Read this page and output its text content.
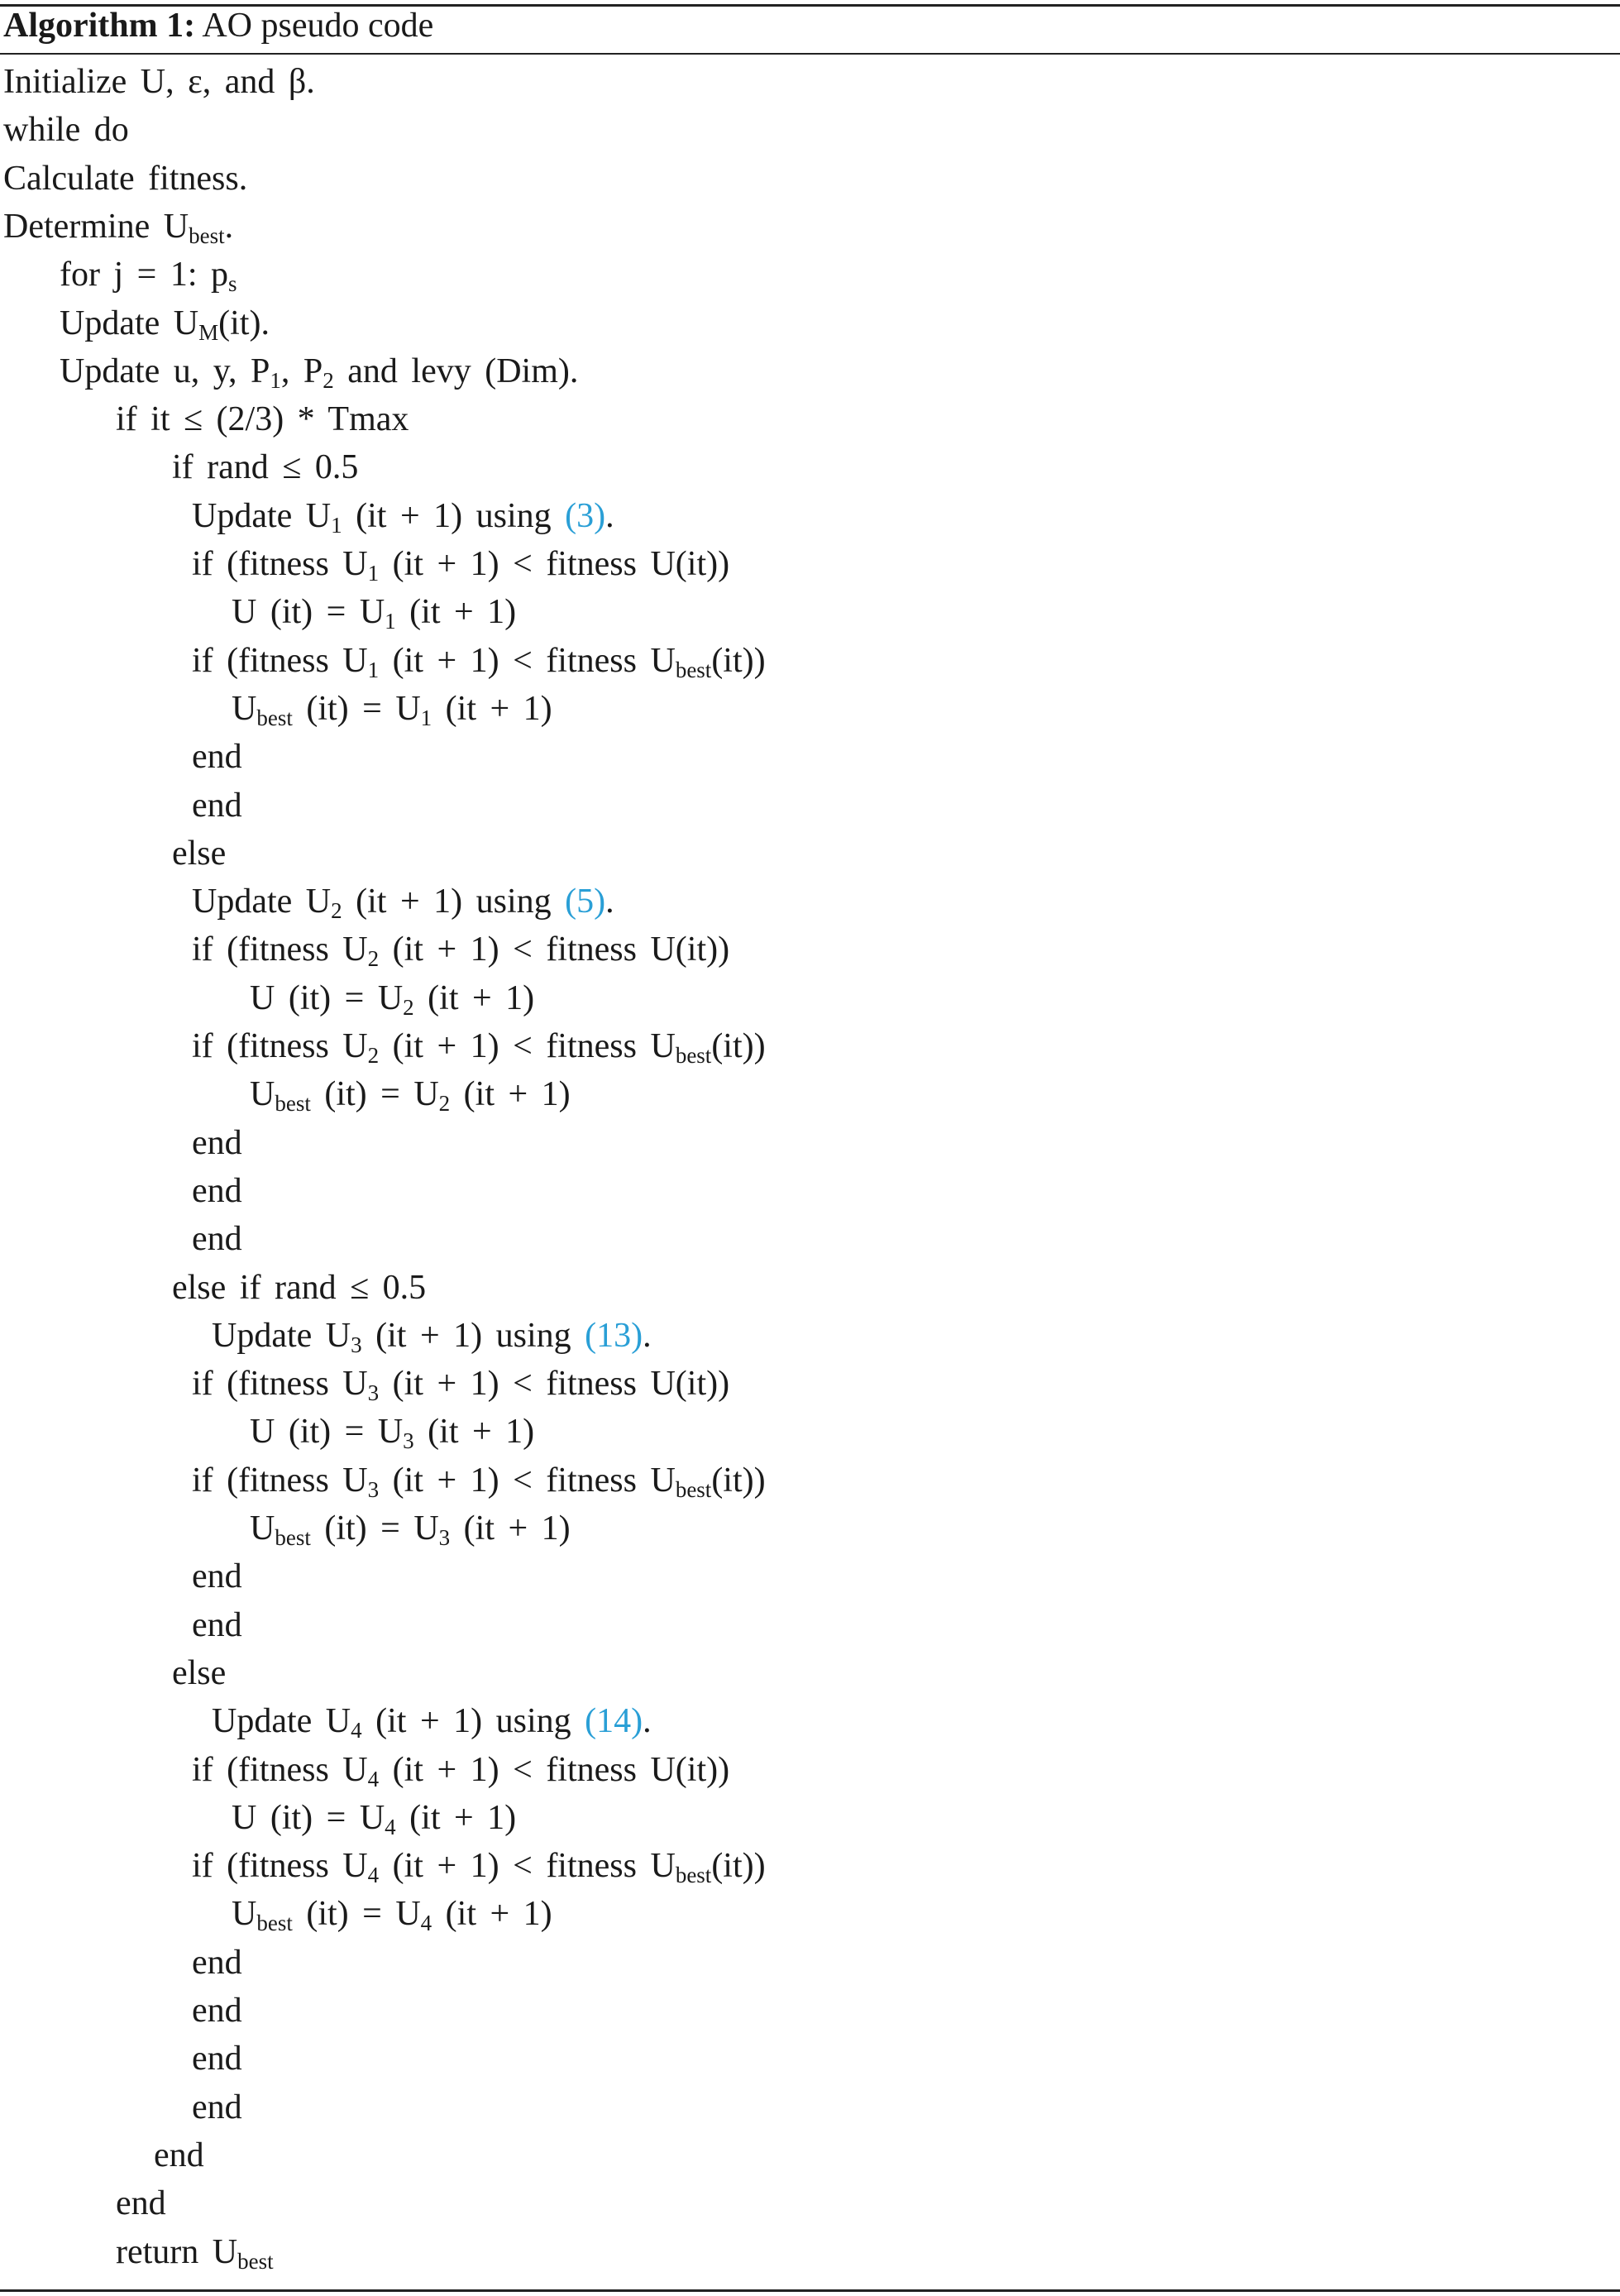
Algorithm 1: AO pseudo code
Initialize U, ε, and β.
while do
Calculate fitness.
Determine $U_{best}$.
for j = 1: $p_s$
Update $U_M(it)$.
Update u, y, $P_1$, $P_2$ and levy (Dim).
if it ≤ (2/3) * Tmax
if rand ≤ 0.5
Update $U_1$ (it + 1) using (3).
if (fitness $U_1$ (it + 1) < fitness U(it))
U $(it) = U_1$ (it + 1)
if (fitness $U_1$ (it + 1) < fitness $U_{best}(it)$)
$U_{best}$ $(it) = U_1$ (it + 1)
end
end
else
Update $U_2$ (it + 1) using (5).
if (fitness $U_2$ (it + 1) < fitness U(it))
U $(it) = U_2$ (it + 1)
if (fitness $U_2$ (it + 1) < fitness $U_{best}(it)$)
$U_{best}$ $(it) = U_2$ (it + 1)
end
end
end
else if rand ≤ 0.5
Update $U_3$ (it + 1) using (13).
if (fitness $U_3$ (it + 1) < fitness U(it))
U $(it) = U_3$ (it + 1)
if (fitness $U_3$ (it + 1) < fitness $U_{best}(it)$)
$U_{best}$ $(it) = U_3$ (it + 1)
end
end
else
Update $U_4$ (it + 1) using (14).
if (fitness $U_4$ (it + 1) < fitness U(it))
U $(it) = U_4$ (it + 1)
if (fitness $U_4$ (it + 1) < fitness $U_{best}(it)$)
$U_{best}$ $(it) = U_4$ (it + 1)
end
end
end
end
end
end
return $U_{best}$
